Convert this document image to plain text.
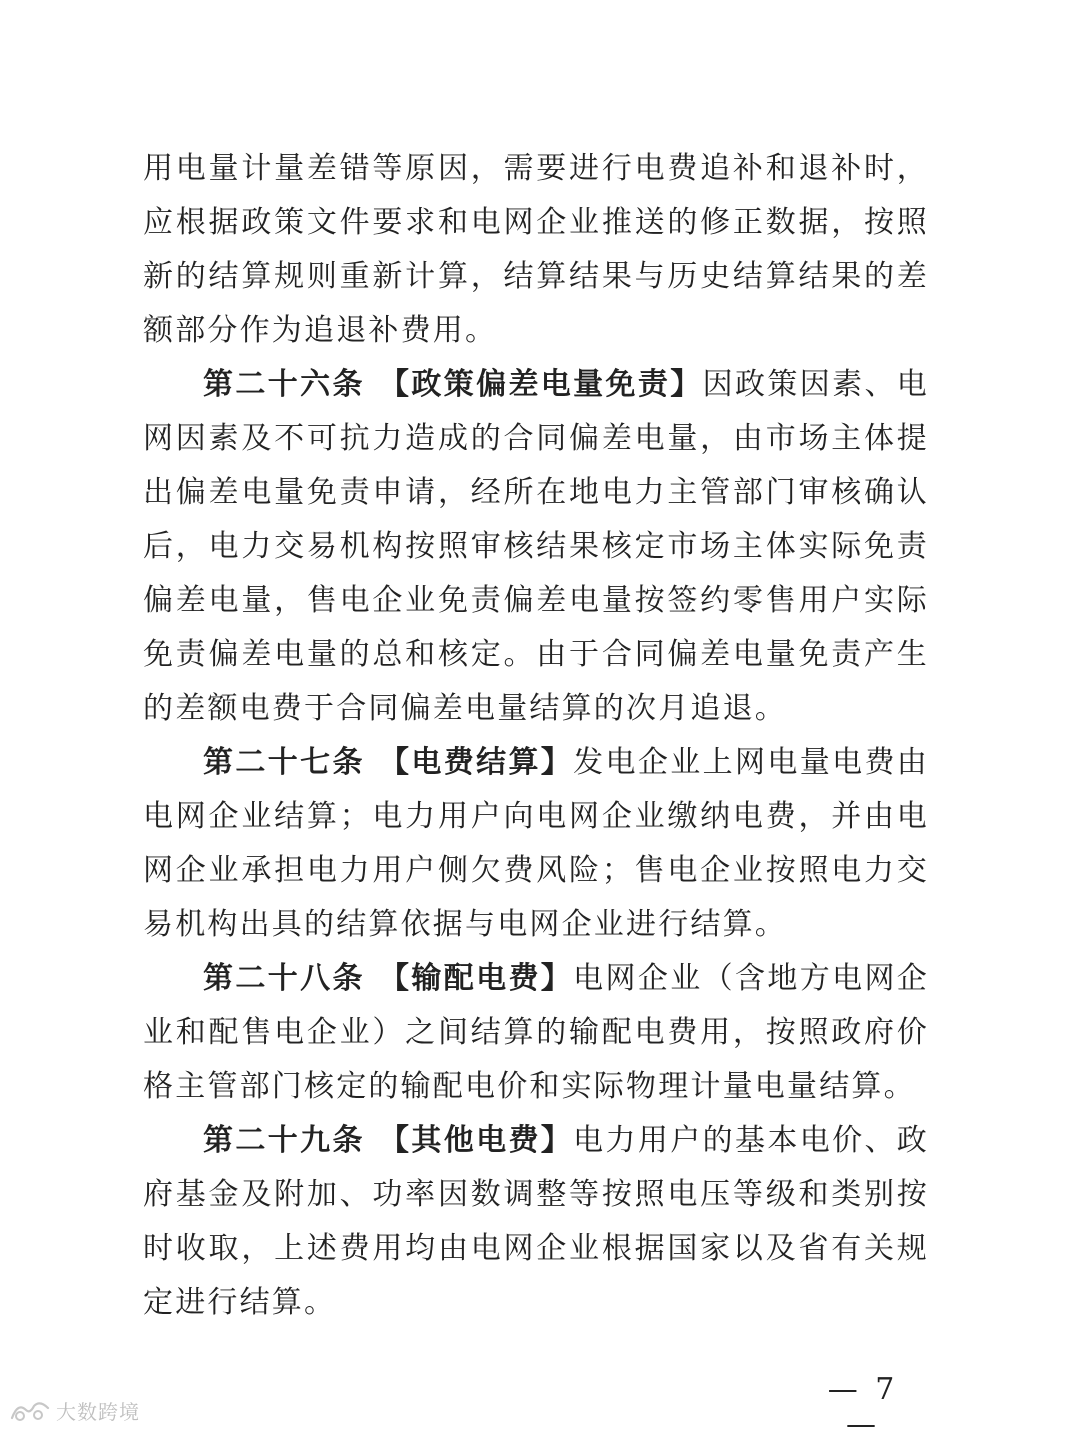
用电量计量差错等原因，需要进行电费追补和退补时，应根据政策文件要求和电网企业推送的修正数据，按照新的结算规则重新计算，结算结果与历史结算结果的差额部分作为追退补费用。

第二十六条 【政策偏差电量免责】因政策因素、电网因素及不可抗力造成的合同偏差电量，由市场主体提出偏差电量免责申请，经所在地电力主管部门审核确认后，电力交易机构按照审核结果核定市场主体实际免责偏差电量，售电企业免责偏差电量按签约零售用户实际免责偏差电量的总和核定。由于合同偏差电量免责产生的差额电费于合同偏差电量结算的次月追退。

第二十七条 【电费结算】发电企业上网电量电费由电网企业结算；电力用户向电网企业缴纳电费，并由电网企业承担电力用户侧欠费风险；售电企业按照电力交易机构出具的结算依据与电网企业进行结算。

第二十八条 【输配电费】电网企业（含地方电网企业和配售电企业）之间结算的输配电费用，按照政府价格主管部门核定的输配电价和实际物理计量电量结算。

第二十九条 【其他电费】电力用户的基本电价、政府基金及附加、功率因数调整等按照电压等级和类别按时收取，上述费用均由电网企业根据国家以及省有关规定进行结算。

— 7 —
大数跨境
